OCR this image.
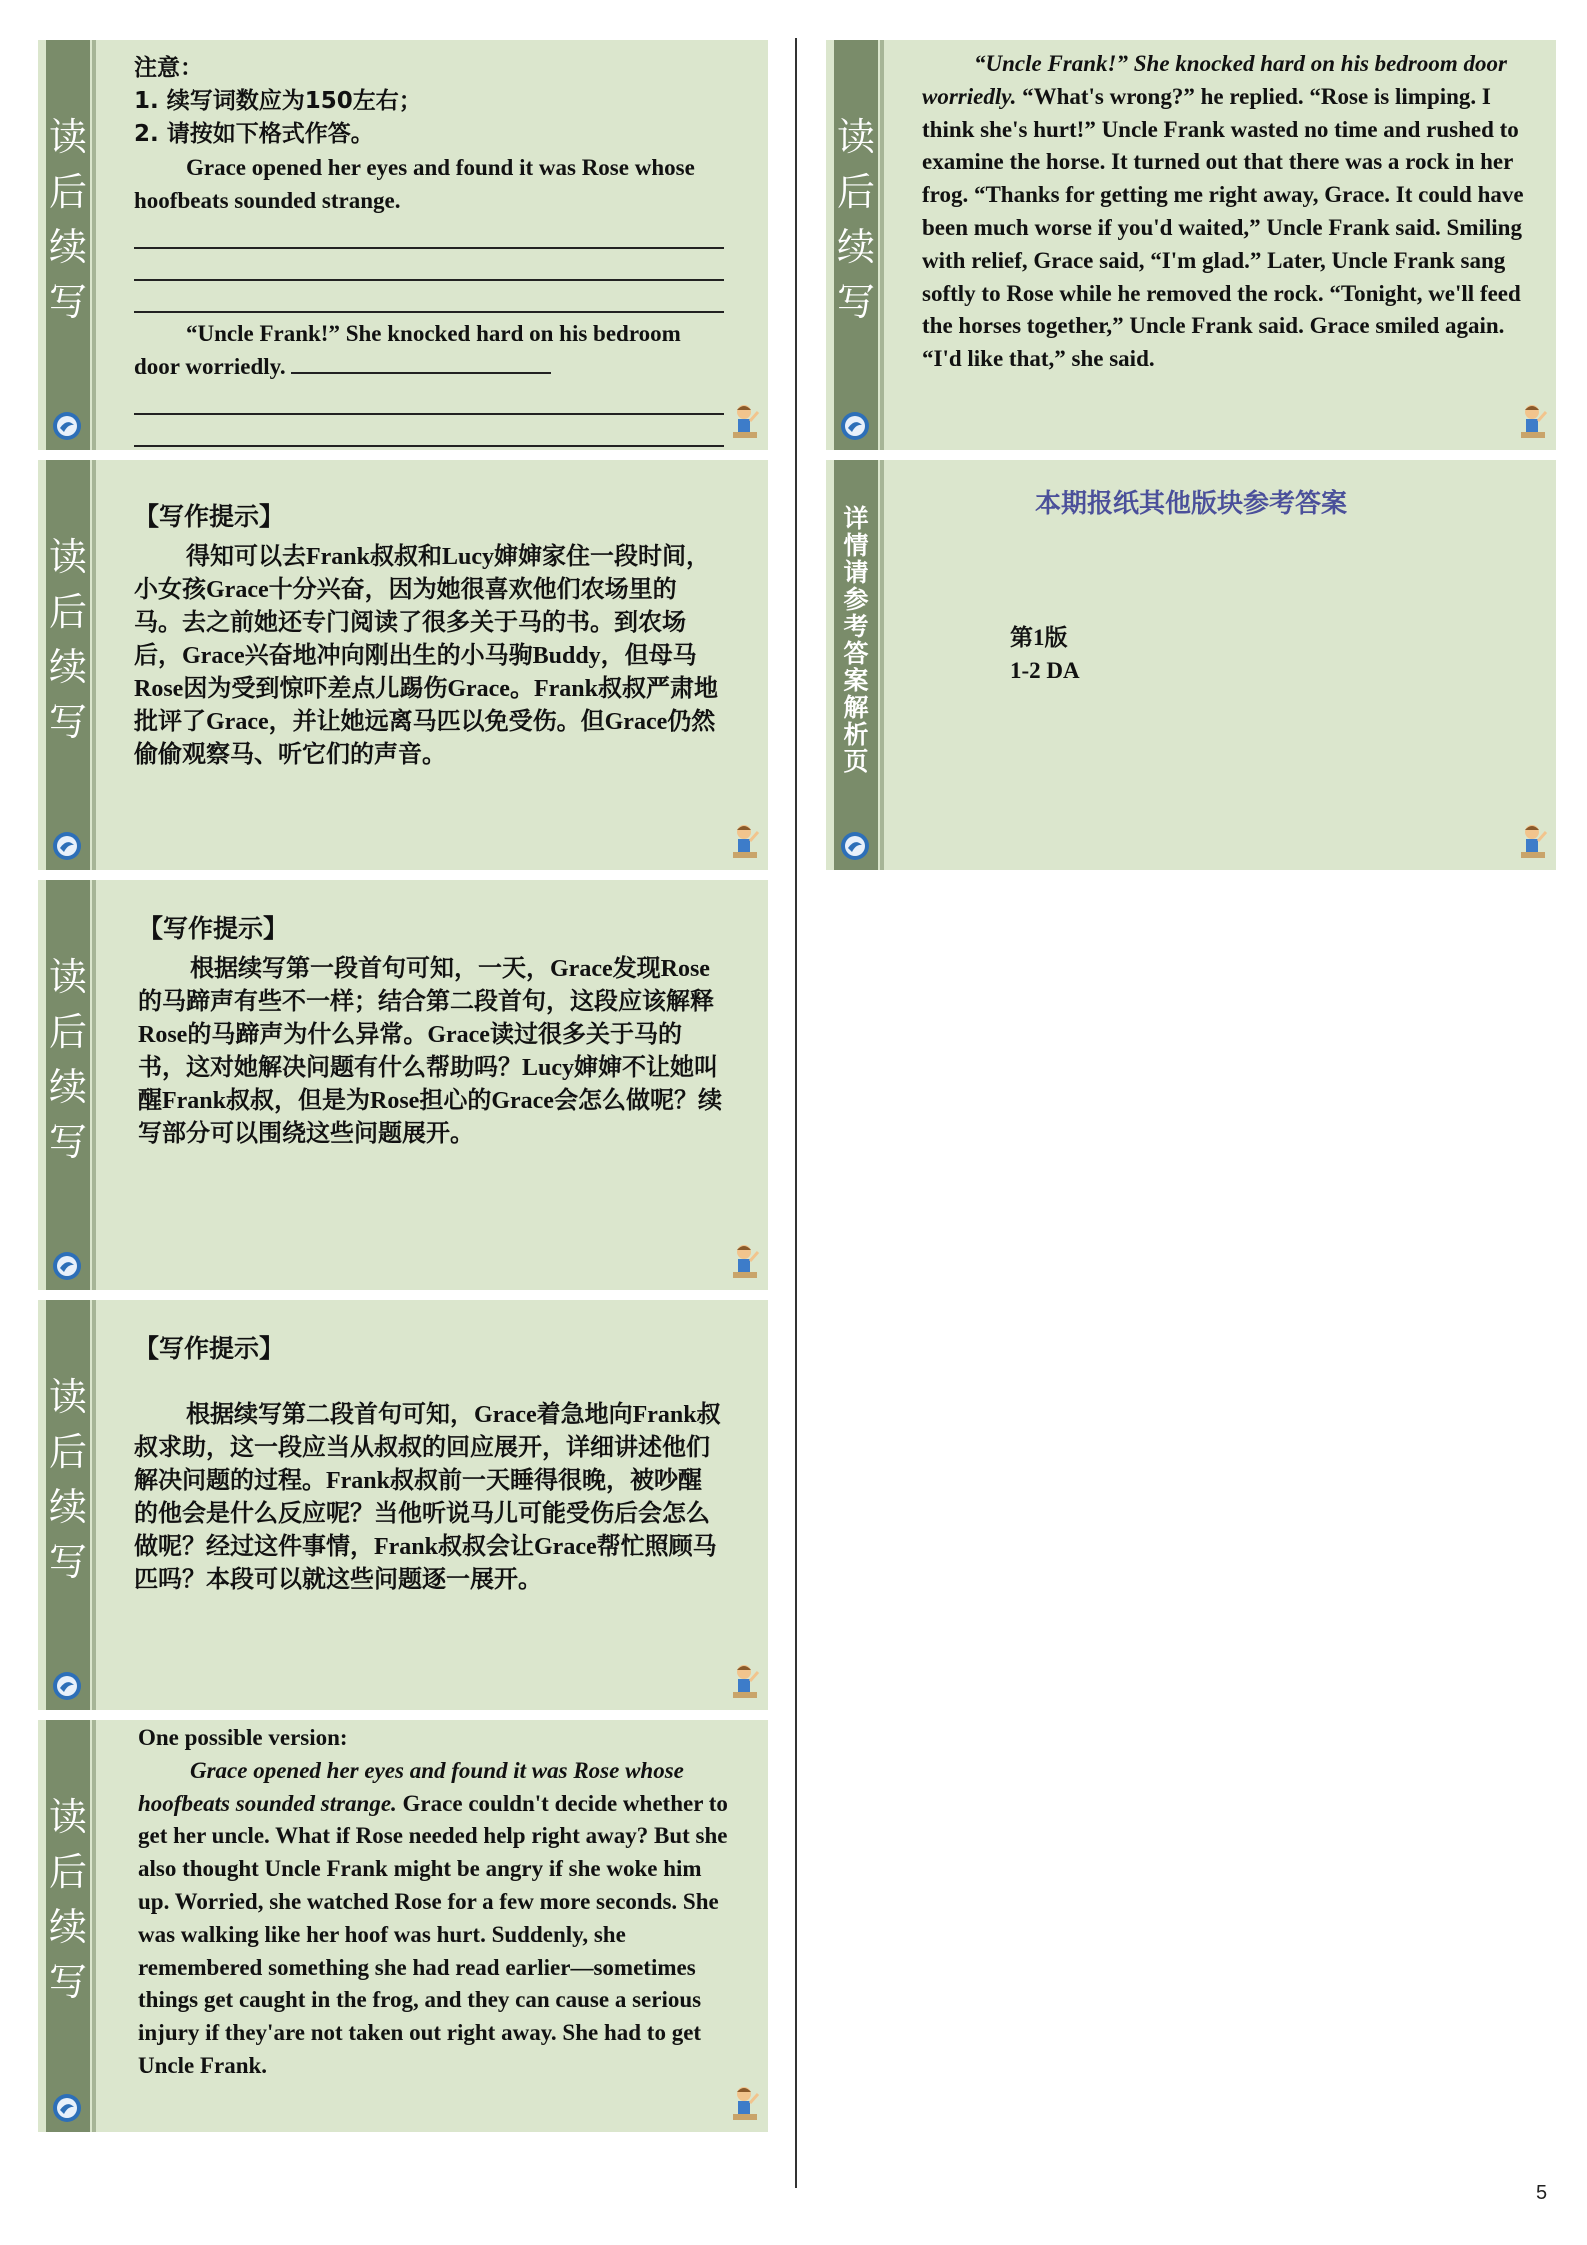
读后续写

注意：

1. 续写词数应为150左右；

2. 请按如下格式作答。

Grace opened her eyes and found it was Rose whose hoofbeats sounded strange.

“Uncle Frank!” She knocked hard on his bedroom door worriedly.

读后续写

【写作提示】

得知可以去Frank叔叔和Lucy婶婶家住一段时间，小女孩Grace十分兴奋，因为她很喜欢他们农场里的马。去之前她还专门阅读了很多关于马的书。到农场后，Grace兴奋地冲向刚出生的小马驹Buddy，但母马Rose因为受到惊吓差点儿踢伤Grace。Frank叔叔严肃地批评了Grace，并让她远离马匹以免受伤。但Grace仍然偷偷观察马、听它们的声音。

读后续写

【写作提示】

根据续写第一段首句可知，一天，Grace发现Rose的马蹄声有些不一样；结合第二段首句，这段应该解释Rose的马蹄声为什么异常。Grace读过很多关于马的书，这对她解决问题有什么帮助吗？Lucy婶婶不让她叫醒Frank叔叔，但是为Rose担心的Grace会怎么做呢？续写部分可以围绕这些问题展开。

读后续写

【写作提示】

根据续写第二段首句可知，Grace着急地向Frank叔叔求助，这一段应当从叔叔的回应展开，详细讲述他们解决问题的过程。Frank叔叔前一天睡得很晚，被吵醒的他会是什么反应呢？当他听说马儿可能受伤后会怎么做呢？经过这件事情，Frank叔叔会让Grace帮忙照顾马匹吗？本段可以就这些问题逐一展开。

读后续写

One possible version:

Grace opened her eyes and found it was Rose whose hoofbeats sounded strange. Grace couldn't decide whether to get her uncle. What if Rose needed help right away? But she also thought Uncle Frank might be angry if she woke him up. Worried, she watched Rose for a few more seconds. She was walking like her hoof was hurt. Suddenly, she remembered something she had read earlier—sometimes things get caught in the frog, and they can cause a serious injury if they'are not taken out right away. She had to get Uncle Frank.

读后续写

“Uncle Frank!” She knocked hard on his bedroom door worriedly. “What's wrong?” he replied. “Rose is limping. I think she's hurt!” Uncle Frank wasted no time and rushed to examine the horse. It turned out that there was a rock in her frog. “Thanks for getting me right away, Grace. It could have been much worse if you'd waited,” Uncle Frank said. Smiling with relief, Grace said, “I'm glad.” Later, Uncle Frank sang softly to Rose while he removed the rock. “Tonight, we'll feed the horses together,” Uncle Frank said. Grace smiled again. “I'd like that,” she said.

详情请参考答案解析页

本期报纸其他版块参考答案

第1版

1-2 DA

5
